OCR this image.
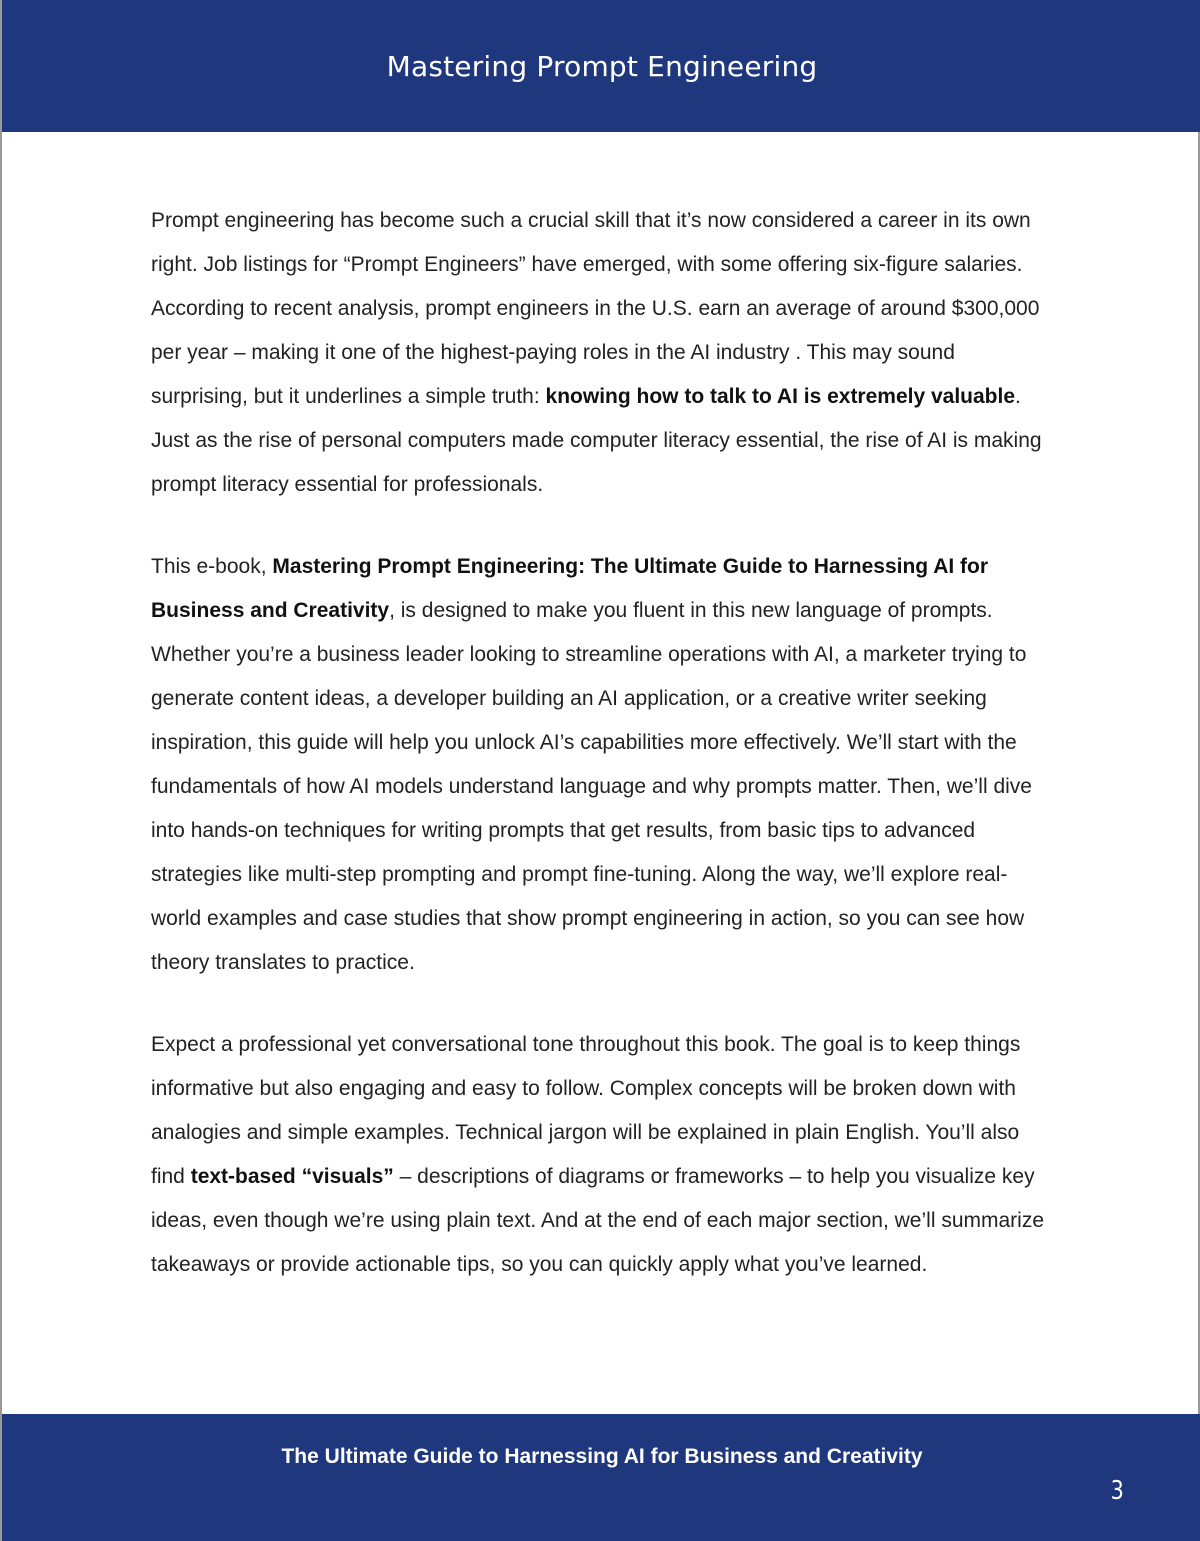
Mastering Prompt Engineering

Prompt engineering has become such a crucial skill that it’s now considered a career in its own right. Job listings for “Prompt Engineers” have emerged, with some offering six-figure salaries. According to recent analysis, prompt engineers in the U.S. earn an average of around $300,000 per year – making it one of the highest-paying roles in the AI industry . This may sound surprising, but it underlines a simple truth: knowing how to talk to AI is extremely valuable. Just as the rise of personal computers made computer literacy essential, the rise of AI is making prompt literacy essential for professionals.

This e-book, Mastering Prompt Engineering: The Ultimate Guide to Harnessing AI for Business and Creativity, is designed to make you fluent in this new language of prompts. Whether you’re a business leader looking to streamline operations with AI, a marketer trying to generate content ideas, a developer building an AI application, or a creative writer seeking inspiration, this guide will help you unlock AI’s capabilities more effectively. We’ll start with the fundamentals of how AI models understand language and why prompts matter. Then, we’ll dive into hands-on techniques for writing prompts that get results, from basic tips to advanced strategies like multi-step prompting and prompt fine-tuning. Along the way, we’ll explore real-world examples and case studies that show prompt engineering in action, so you can see how theory translates to practice.

Expect a professional yet conversational tone throughout this book. The goal is to keep things informative but also engaging and easy to follow. Complex concepts will be broken down with analogies and simple examples. Technical jargon will be explained in plain English. You’ll also find text-based “visuals” – descriptions of diagrams or frameworks – to help you visualize key ideas, even though we’re using plain text. And at the end of each major section, we’ll summarize takeaways or provide actionable tips, so you can quickly apply what you’ve learned.

The Ultimate Guide to Harnessing AI for Business and Creativity
3
